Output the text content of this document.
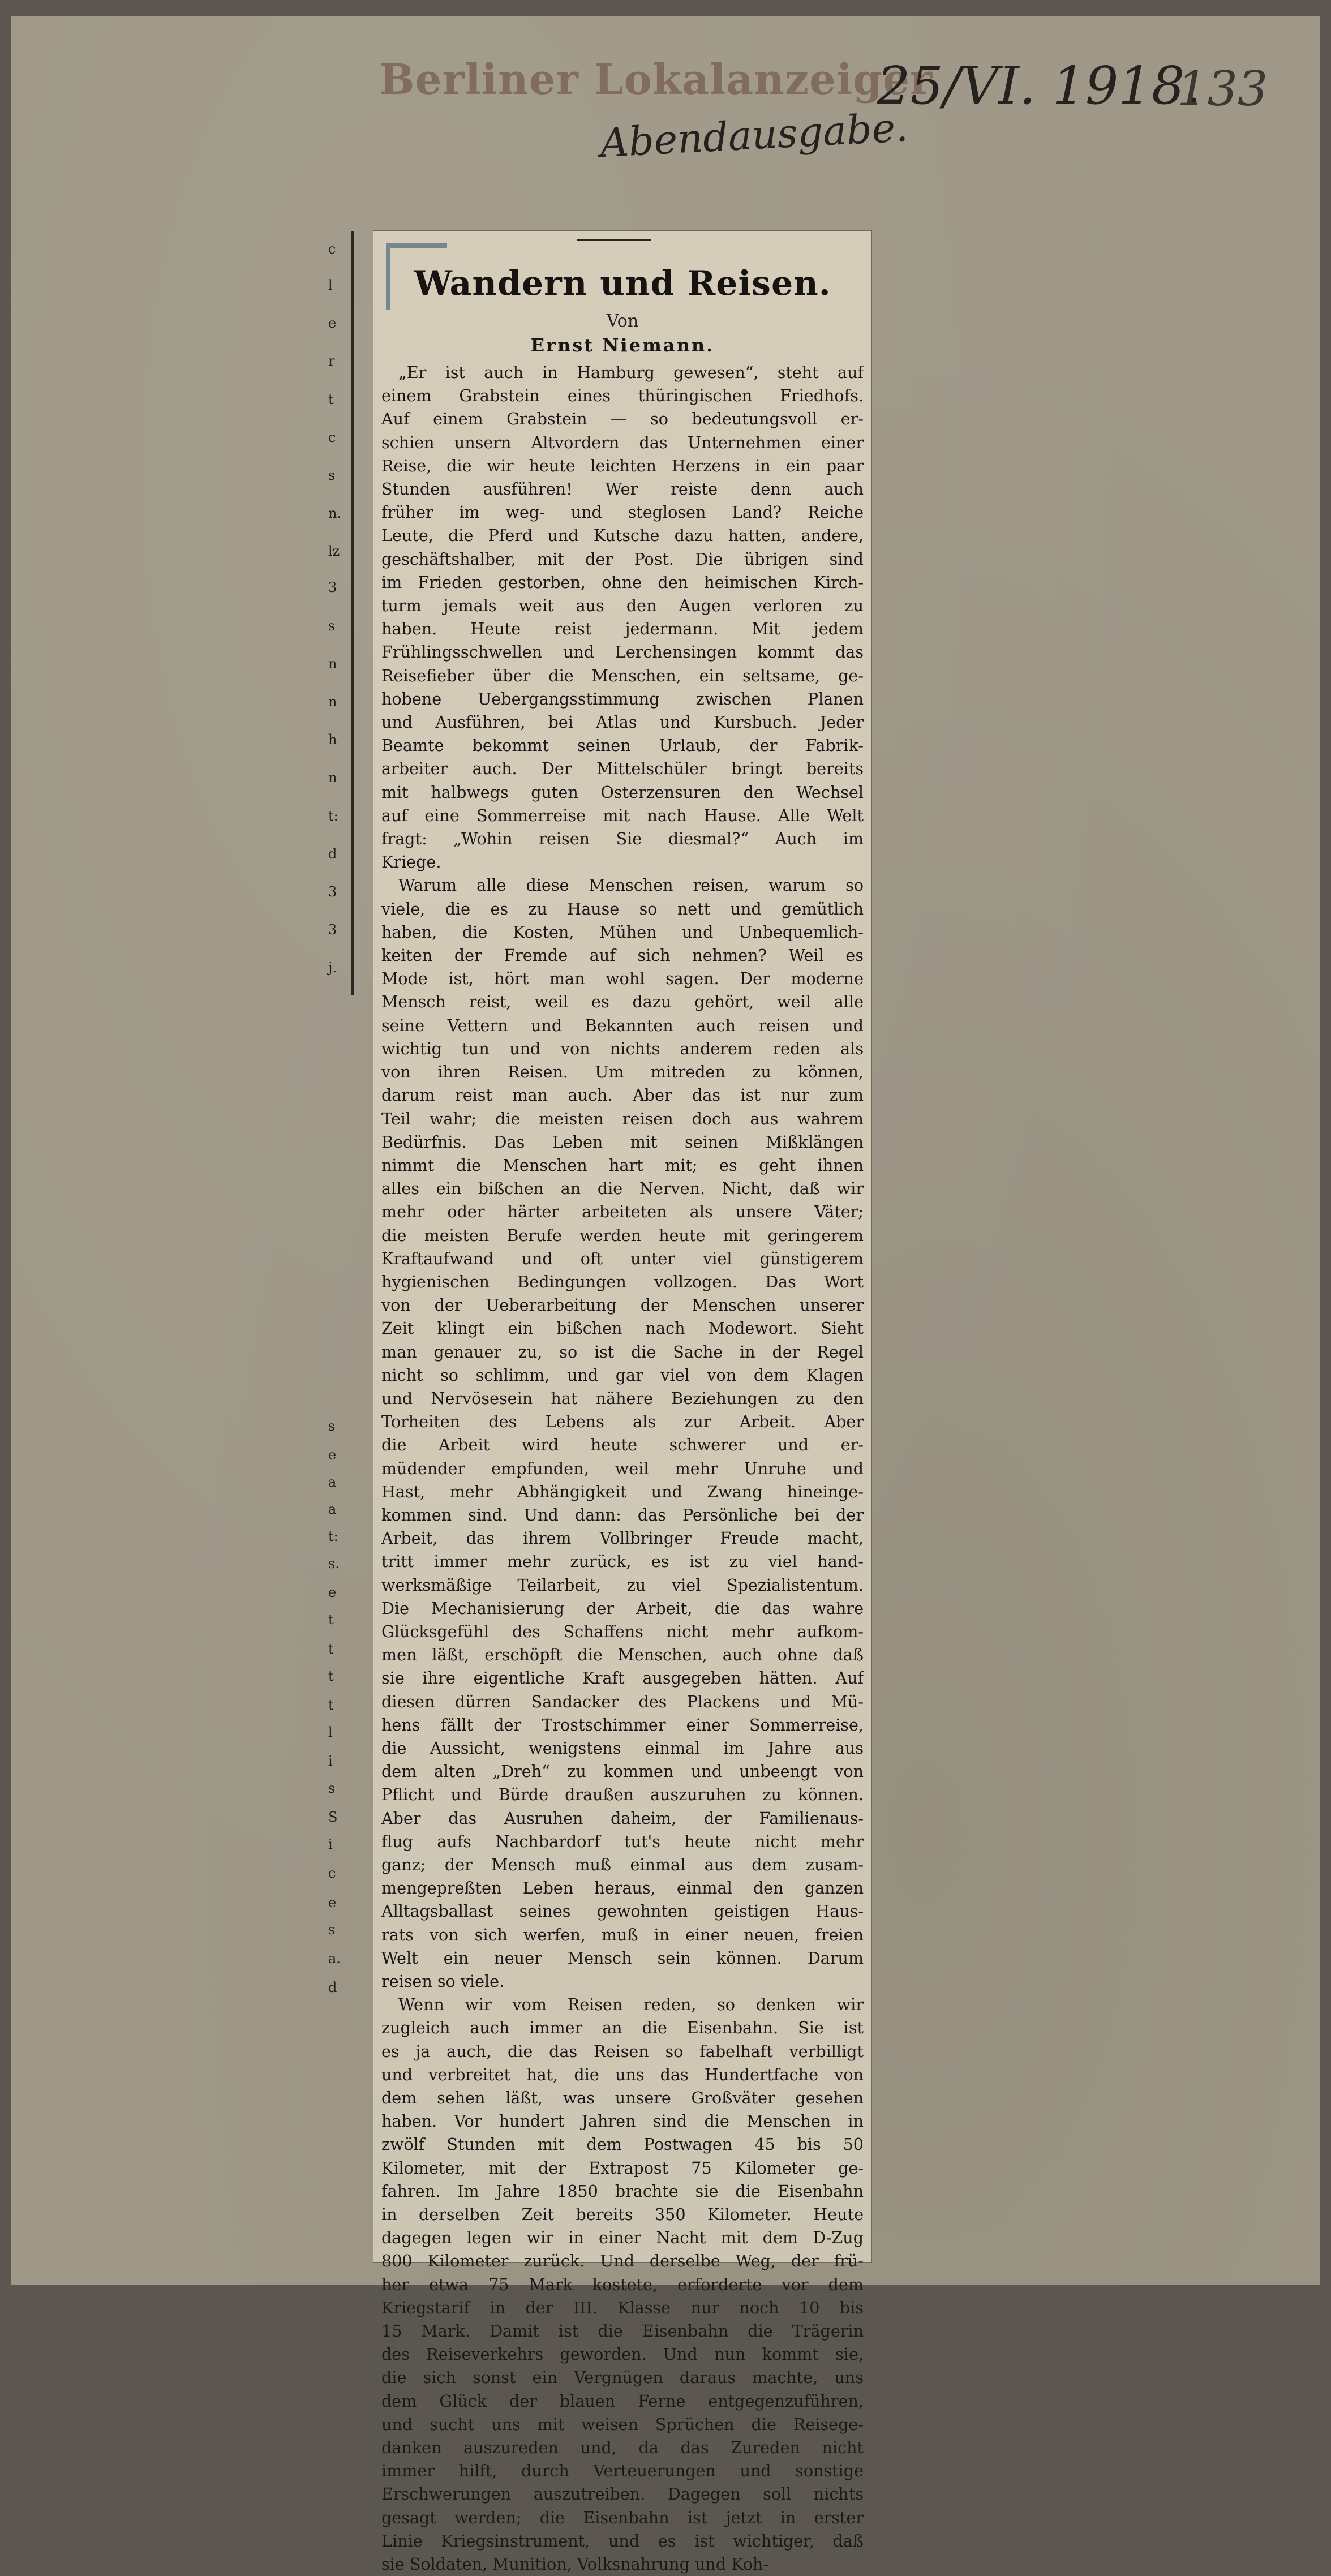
Berliner Lokalanzeiger
25/VI. 1918.
Abendausgabe.
133
c
l
e
r
t
c
s
n.
lz
3
s
n
n
h
n
t:
d
3
3
j.
s
e
a
a
t:
s.
e
t
t
t
t
l
i
s
S
i
c
e
s
a.
d
Wandern und Reisen.
Von
Ernst Niemann.
„Er ist auch in Hamburg gewesen“, steht auf
einem Grabstein eines thüringischen Friedhofs.
Auf einem Grabstein — so bedeutungsvoll er-
schien unsern Altvordern das Unternehmen einer
Reise, die wir heute leichten Herzens in ein paar
Stunden ausführen! Wer reiste denn auch
früher im weg- und steglosen Land? Reiche
Leute, die Pferd und Kutsche dazu hatten, andere,
geschäftshalber, mit der Post. Die übrigen sind
im Frieden gestorben, ohne den heimischen Kirch-
turm jemals weit aus den Augen verloren zu
haben. Heute reist jedermann. Mit jedem
Frühlingsschwellen und Lerchensingen kommt das
Reisefieber über die Menschen, ein seltsame, ge-
hobene Uebergangsstimmung zwischen Planen
und Ausführen, bei Atlas und Kursbuch. Jeder
Beamte bekommt seinen Urlaub, der Fabrik-
arbeiter auch. Der Mittelschüler bringt bereits
mit halbwegs guten Osterzensuren den Wechsel
auf eine Sommerreise mit nach Hause. Alle Welt
fragt: „Wohin reisen Sie diesmal?“ Auch im
Kriege.
Warum alle diese Menschen reisen, warum so
viele, die es zu Hause so nett und gemütlich
haben, die Kosten, Mühen und Unbequemlich-
keiten der Fremde auf sich nehmen? Weil es
Mode ist, hört man wohl sagen. Der moderne
Mensch reist, weil es dazu gehört, weil alle
seine Vettern und Bekannten auch reisen und
wichtig tun und von nichts anderem reden als
von ihren Reisen. Um mitreden zu können,
darum reist man auch. Aber das ist nur zum
Teil wahr; die meisten reisen doch aus wahrem
Bedürfnis. Das Leben mit seinen Mißklängen
nimmt die Menschen hart mit; es geht ihnen
alles ein bißchen an die Nerven. Nicht, daß wir
mehr oder härter arbeiteten als unsere Väter;
die meisten Berufe werden heute mit geringerem
Kraftaufwand und oft unter viel günstigerem
hygienischen Bedingungen vollzogen. Das Wort
von der Ueberarbeitung der Menschen unserer
Zeit klingt ein bißchen nach Modewort. Sieht
man genauer zu, so ist die Sache in der Regel
nicht so schlimm, und gar viel von dem Klagen
und Nervösesein hat nähere Beziehungen zu den
Torheiten des Lebens als zur Arbeit. Aber
die Arbeit wird heute schwerer und er-
müdender empfunden, weil mehr Unruhe und
Hast, mehr Abhängigkeit und Zwang hineinge-
kommen sind. Und dann: das Persönliche bei der
Arbeit, das ihrem Vollbringer Freude macht,
tritt immer mehr zurück, es ist zu viel hand-
werksmäßige Teilarbeit, zu viel Spezialistentum.
Die Mechanisierung der Arbeit, die das wahre
Glücksgefühl des Schaffens nicht mehr aufkom-
men läßt, erschöpft die Menschen, auch ohne daß
sie ihre eigentliche Kraft ausgegeben hätten. Auf
diesen dürren Sandacker des Plackens und Mü-
hens fällt der Trostschimmer einer Sommerreise,
die Aussicht, wenigstens einmal im Jahre aus
dem alten „Dreh“ zu kommen und unbeengt von
Pflicht und Bürde draußen auszuruhen zu können.
Aber das Ausruhen daheim, der Familienaus-
flug aufs Nachbardorf tut's heute nicht mehr
ganz; der Mensch muß einmal aus dem zusam-
mengepreßten Leben heraus, einmal den ganzen
Alltagsballast seines gewohnten geistigen Haus-
rats von sich werfen, muß in einer neuen, freien
Welt ein neuer Mensch sein können. Darum
reisen so viele.
Wenn wir vom Reisen reden, so denken wir
zugleich auch immer an die Eisenbahn. Sie ist
es ja auch, die das Reisen so fabelhaft verbilligt
und verbreitet hat, die uns das Hundertfache von
dem sehen läßt, was unsere Großväter gesehen
haben. Vor hundert Jahren sind die Menschen in
zwölf Stunden mit dem Postwagen 45 bis 50
Kilometer, mit der Extrapost 75 Kilometer ge-
fahren. Im Jahre 1850 brachte sie die Eisenbahn
in derselben Zeit bereits 350 Kilometer. Heute
dagegen legen wir in einer Nacht mit dem D-Zug
800 Kilometer zurück. Und derselbe Weg, der frü-
her etwa 75 Mark kostete, erforderte vor dem
Kriegstarif in der III. Klasse nur noch 10 bis
15 Mark. Damit ist die Eisenbahn die Trägerin
des Reiseverkehrs geworden. Und nun kommt sie,
die sich sonst ein Vergnügen daraus machte, uns
dem Glück der blauen Ferne entgegenzuführen,
und sucht uns mit weisen Sprüchen die Reisege-
danken auszureden und, da das Zureden nicht
immer hilft, durch Verteuerungen und sonstige
Erschwerungen auszutreiben. Dagegen soll nichts
gesagt werden; die Eisenbahn ist jetzt in erster
Linie Kriegsinstrument, und es ist wichtiger, daß
sie Soldaten, Munition, Volksnahrung und Koh-
